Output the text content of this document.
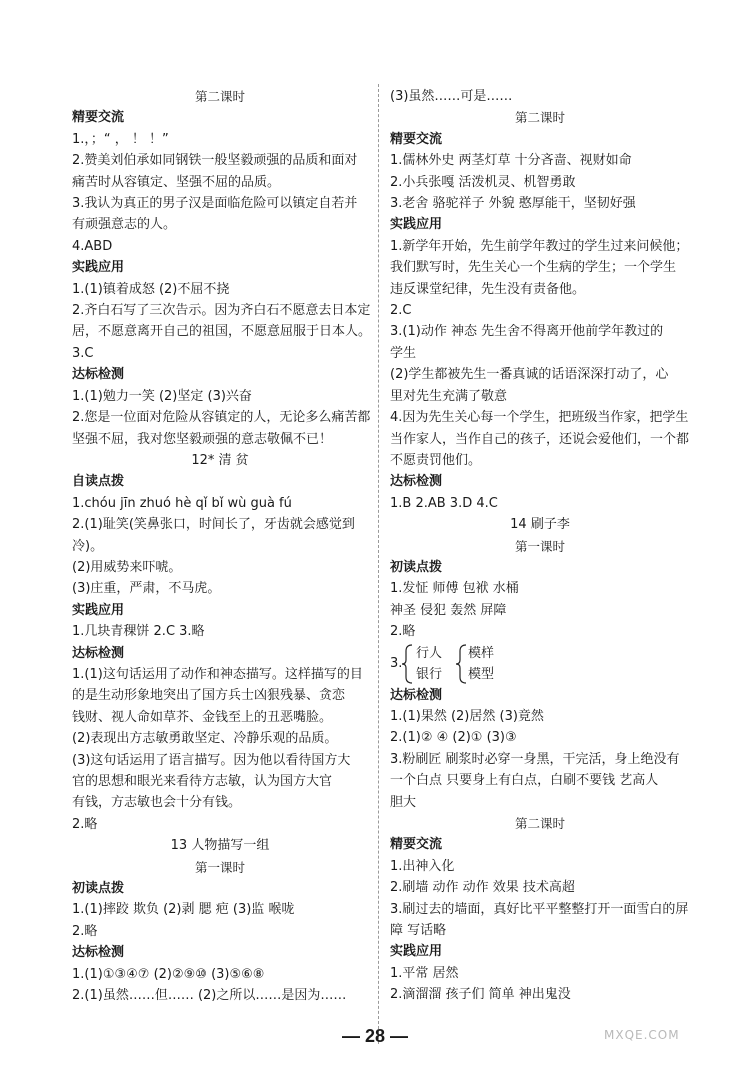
第二课时
精要交流
1.，；“ ， ！ ！”
2.赞美刘伯承如同钢铁一般坚毅顽强的品质和面对
痛苦时从容镇定、坚强不屈的品质。
3.我认为真正的男子汉是面临危险可以镇定自若并
有顽强意志的人。
4.ABD
实践应用
1.(1)镇着成怒 (2)不屈不挠
2.齐白石写了三次告示。因为齐白石不愿意去日本定
居，不愿意离开自己的祖国，不愿意屈服于日本人。
3.C
达标检测
1.(1)勉力一笑 (2)坚定 (3)兴奋
2.您是一位面对危险从容镇定的人，无论多么痛苦都
坚强不屈，我对您坚毅顽强的意志敬佩不已！
12* 清 贫
自读点拨
1.chóu jīn zhuó hè qǐ bǐ wù guà fú
2.(1)耻笑(笑鼻张口，时间长了，牙齿就会感觉到
冷)。
(2)用威势来吓唬。
(3)庄重，严肃，不马虎。
实践应用
1.几块青稞饼 2.C 3.略
达标检测
1.(1)这句话运用了动作和神态描写。这样描写的目
的是生动形象地突出了国方兵士凶狠残暴、贪恋
钱财、视人命如草芥、金钱至上的丑恶嘴脸。
(2)表现出方志敏勇敢坚定、冷静乐观的品质。
(3)这句话运用了语言描写。因为他以看待国方大
官的思想和眼光来看待方志敏，认为国方大官
有钱，方志敏也会十分有钱。
2.略
13 人物描写一组
第一课时
初读点拨
1.(1)摔跤 欺负 (2)剥 腮 疤 (3)监 喉咙
2.略
达标检测
1.(1)①③④⑦ (2)②⑨⑩ (3)⑤⑥⑧
2.(1)虽然……但…… (2)之所以……是因为……
(3)虽然……可是……
第二课时
精要交流
1.儒林外史 两茎灯草 十分吝啬、视财如命
2.小兵张嘎 活泼机灵、机智勇敢
3.老舍 骆驼祥子 外貌 憨厚能干，坚韧好强
实践应用
1.新学年开始，先生前学年教过的学生过来问候他；
我们默写时，先生关心一个生病的学生；一个学生
违反课堂纪律，先生没有责备他。
2.C
3.(1)动作 神态 先生舍不得离开他前学年教过的
学生
(2)学生都被先生一番真诚的话语深深打动了，心
里对先生充满了敬意
4.因为先生关心每一个学生，把班级当作家，把学生
当作家人，当作自己的孩子，还说会爱他们，一个都
不愿责罚他们。
达标检测
1.B 2.AB 3.D 4.C
14 刷子李
第一课时
初读点拨
1.发怔 师傅 包袱 水桶
神圣 侵犯 轰然 屏障
2.略
3.
行人
银行
模样
模型
达标检测
1.(1)果然 (2)居然 (3)竟然
2.(1)② ④ (2)① (3)③
3.粉刷匠 刷浆时必穿一身黑，干完活，身上绝没有
一个白点 只要身上有白点，白刷不要钱 艺高人
胆大
第二课时
精要交流
1.出神入化
2.刷墙 动作 动作 效果 技术高超
3.刷过去的墙面，真好比平平整整打开一面雪白的屏
障 写话略
实践应用
1.平常 居然
2.滴溜溜 孩子们 简单 神出鬼没
— 28 —	MXQE.COM
